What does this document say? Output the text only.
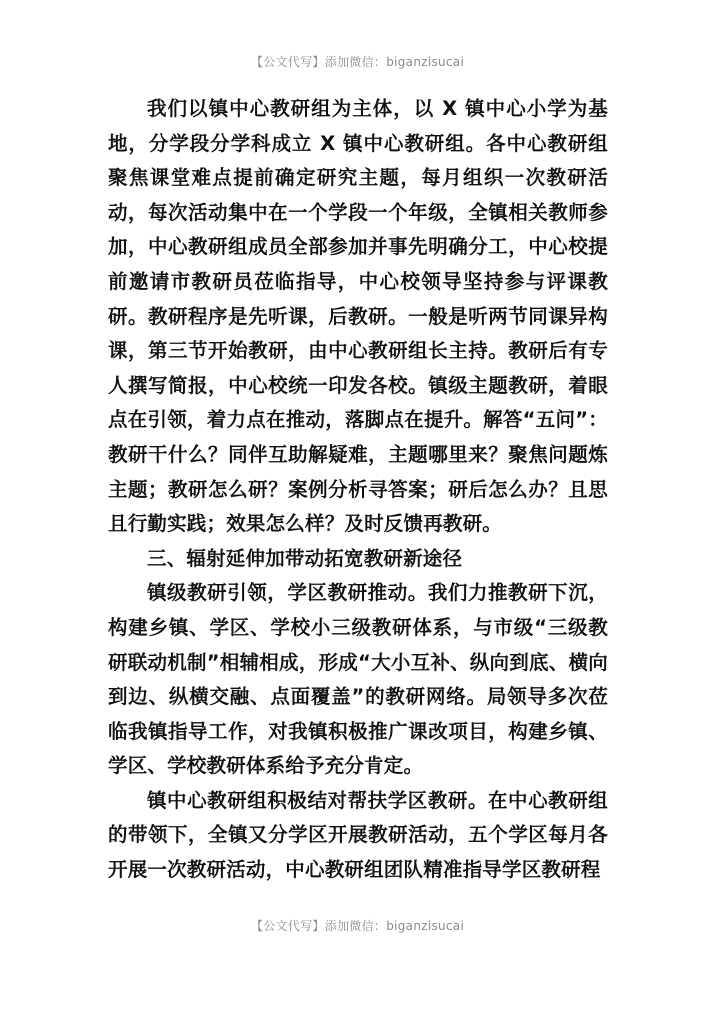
【公文代写】添加微信：biganzisucai

我们以镇中心教研组为主体，以 X 镇中心小学为基地，分学段分学科成立 X 镇中心教研组。各中心教研组聚焦课堂难点提前确定研究主题，每月组织一次教研活动，每次活动集中在一个学段一个年级，全镇相关教师参加，中心教研组成员全部参加并事先明确分工，中心校提前邀请市教研员莅临指导，中心校领导坚持参与评课教研。教研程序是先听课，后教研。一般是听两节同课异构课，第三节开始教研，由中心教研组长主持。教研后有专人撰写简报，中心校统一印发各校。镇级主题教研，着眼点在引领，着力点在推动，落脚点在提升。解答“五问”：教研干什么？同伴互助解疑难，主题哪里来？聚焦问题炼主题；教研怎么研？案例分析寻答案；研后怎么办？且思且行勤实践；效果怎么样？及时反馈再教研。

三、辐射延伸加带动拓宽教研新途径

镇级教研引领，学区教研推动。我们力推教研下沉，构建乡镇、学区、学校小三级教研体系，与市级“三级教研联动机制”相辅相成，形成“大小互补、纵向到底、横向到边、纵横交融、点面覆盖”的教研网络。局领导多次莅临我镇指导工作，对我镇积极推广课改项目，构建乡镇、学区、学校教研体系给予充分肯定。

镇中心教研组积极结对帮扶学区教研。在中心教研组的带领下，全镇又分学区开展教研活动，五个学区每月各开展一次教研活动，中心教研组团队精准指导学区教研程

【公文代写】添加微信：biganzisucai
